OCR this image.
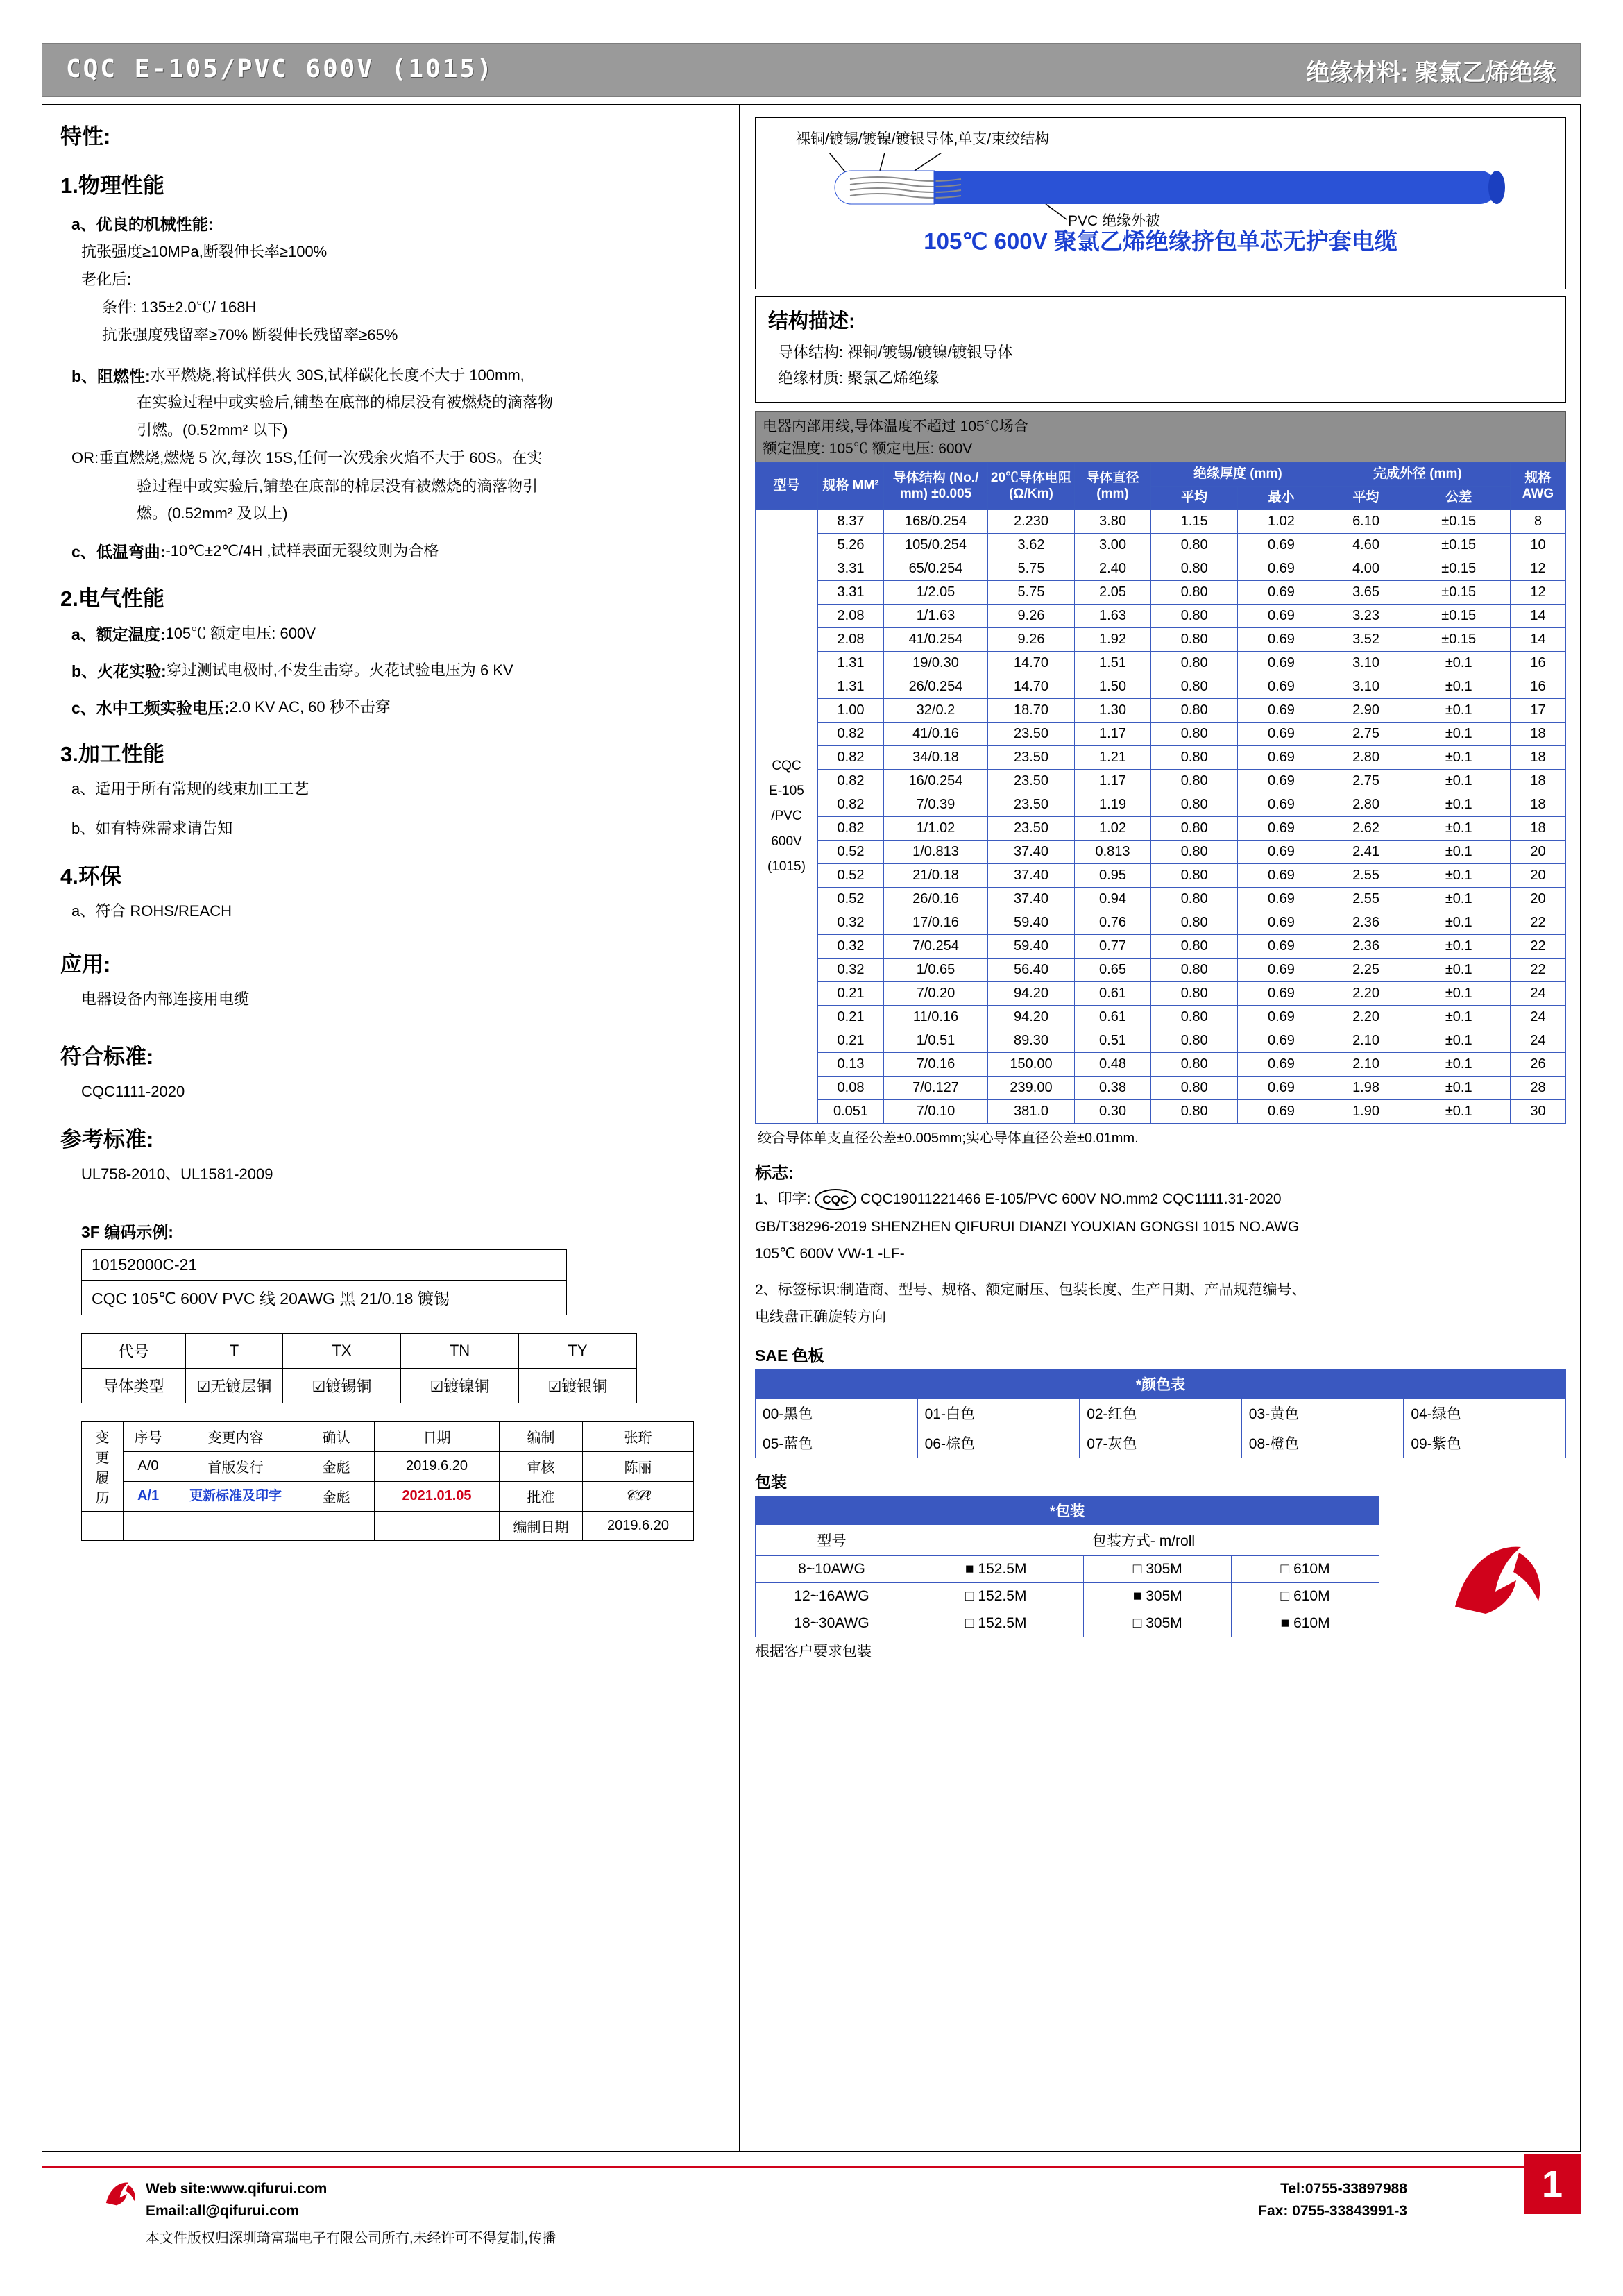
CQC E-105/PVC 600V (1015)	绝缘材料: 聚氯乙烯绝缘
特性:
1.物理性能
a、优良的机械性能:
抗张强度≥10MPa,断裂伸长率≥100%
老化后:
条件: 135±2.0℃/ 168H
抗张强度残留率≥70% 断裂伸长残留率≥65%
b、阻燃性: 水平燃烧,将试样供火 30S,试样碳化长度不大于 100mm,
在实验过程中或实验后,铺垫在底部的棉层没有被燃烧的滴落物
引燃。(0.52mm² 以下)
OR:垂直燃烧,燃烧 5 次,每次 15S,任何一次残余火焰不大于 60S。在实
验过程中或实验后,铺垫在底部的棉层没有被燃烧的滴落物引
燃。(0.52mm² 及以上)
c、低温弯曲: -10℃±2℃/4H ,试样表面无裂纹则为合格
2.电气性能
a、额定温度: 105℃ 额定电压: 600V
b、火花实验: 穿过测试电极时,不发生击穿。火花试验电压为 6 KV
c、水中工频实验电压: 2.0 KV AC, 60 秒不击穿
3.加工性能
a、适用于所有常规的线束加工工艺
b、如有特殊需求请告知
4.环保
a、符合 ROHS/REACH
应用:
电器设备内部连接用电缆
符合标准:
CQC1111-2020
参考标准:
UL758-2010、UL1581-2009
3F 编码示例:
10152000C-21
CQC 105℃ 600V PVC 线 20AWG 黑 21/0.18 镀锡
代号	T	TX	TN	TY
导体类型	☑无镀层铜	☑镀锡铜	☑镀镍铜	☑镀银铜
变
更
履
历	序号	变更内容	确认	日期	编制	张珩
	A/0	首版发行	金彪	2019.6.20	审核	陈丽
	A/1	更新标准及印字	金彪	2021.01.05	批准	𝒞ℒℓ
					编制日期	2019.6.20
裸铜/镀锡/镀镍/镀银导体,单支/束绞结构
PVC 绝缘外被
105℃ 600V 聚氯乙烯绝缘挤包单芯无护套电缆
结构描述:
导体结构: 裸铜/镀锡/镀镍/镀银导体
绝缘材质: 聚氯乙烯绝缘
电器内部用线,导体温度不超过 105℃场合
额定温度: 105℃ 额定电压: 600V
型号	规格 MM²	导体结构 (No./ mm) ±0.005	20℃导体电阻 (Ω/Km)	导体直径(mm)	绝缘厚度 (mm)		完成外径 (mm)		规格 AWG
					平均	最小	平均	公差	
CQC
E-105
/PVC
600V
(1015)	8.37	168/0.254	2.230	3.80	1.15	1.02	6.10	±0.15	8
	5.26	105/0.254	3.62	3.00	0.80	0.69	4.60	±0.15	10
	3.31	65/0.254	5.75	2.40	0.80	0.69	4.00	±0.15	12
	3.31	1/2.05	5.75	2.05	0.80	0.69	3.65	±0.15	12
	2.08	1/1.63	9.26	1.63	0.80	0.69	3.23	±0.15	14
	2.08	41/0.254	9.26	1.92	0.80	0.69	3.52	±0.15	14
	1.31	19/0.30	14.70	1.51	0.80	0.69	3.10	±0.1	16
	1.31	26/0.254	14.70	1.50	0.80	0.69	3.10	±0.1	16
	1.00	32/0.2	18.70	1.30	0.80	0.69	2.90	±0.1	17
	0.82	41/0.16	23.50	1.17	0.80	0.69	2.75	±0.1	18
	0.82	34/0.18	23.50	1.21	0.80	0.69	2.80	±0.1	18
	0.82	16/0.254	23.50	1.17	0.80	0.69	2.75	±0.1	18
	0.82	7/0.39	23.50	1.19	0.80	0.69	2.80	±0.1	18
	0.82	1/1.02	23.50	1.02	0.80	0.69	2.62	±0.1	18
	0.52	1/0.813	37.40	0.813	0.80	0.69	2.41	±0.1	20
	0.52	21/0.18	37.40	0.95	0.80	0.69	2.55	±0.1	20
	0.52	26/0.16	37.40	0.94	0.80	0.69	2.55	±0.1	20
	0.32	17/0.16	59.40	0.76	0.80	0.69	2.36	±0.1	22
	0.32	7/0.254	59.40	0.77	0.80	0.69	2.36	±0.1	22
	0.32	1/0.65	56.40	0.65	0.80	0.69	2.25	±0.1	22
	0.21	7/0.20	94.20	0.61	0.80	0.69	2.20	±0.1	24
	0.21	11/0.16	94.20	0.61	0.80	0.69	2.20	±0.1	24
	0.21	1/0.51	89.30	0.51	0.80	0.69	2.10	±0.1	24
	0.13	7/0.16	150.00	0.48	0.80	0.69	2.10	±0.1	26
	0.08	7/0.127	239.00	0.38	0.80	0.69	1.98	±0.1	28
	0.051	7/0.10	381.0	0.30	0.80	0.69	1.90	±0.1	30
绞合导体单支直径公差±0.005mm;实心导体直径公差±0.01mm.
标志:
1、印字: CQC CQC19011221466 E-105/PVC 600V NO.mm2 CQC1111.31-2020
GB/T38296-2019 SHENZHEN QIFURUI DIANZI YOUXIAN GONGSI 1015 NO.AWG
105℃ 600V VW-1 -LF-
2、标签标识:制造商、型号、规格、额定耐压、包装长度、生产日期、产品规范编号、
电线盘正确旋转方向
SAE 色板
*颜色表				
00-黑色	01-白色	02-红色	03-黄色	04-绿色
05-蓝色	06-棕色	07-灰色	08-橙色	09-紫色
包装
*包装			
型号	包装方式- m/roll		
8~10AWG	■ 152.5M	□ 305M	□ 610M
12~16AWG	□ 152.5M	■ 305M	□ 610M
18~30AWG	□ 152.5M	□ 305M	■ 610M
根据客户要求包装
Web site:www.qifurui.com
Email:all@qifurui.com
Tel:0755-33897988
Fax: 0755-33843991-3
本文件版权归深圳琦富瑞电子有限公司所有,未经许可不得复制,传播
1
